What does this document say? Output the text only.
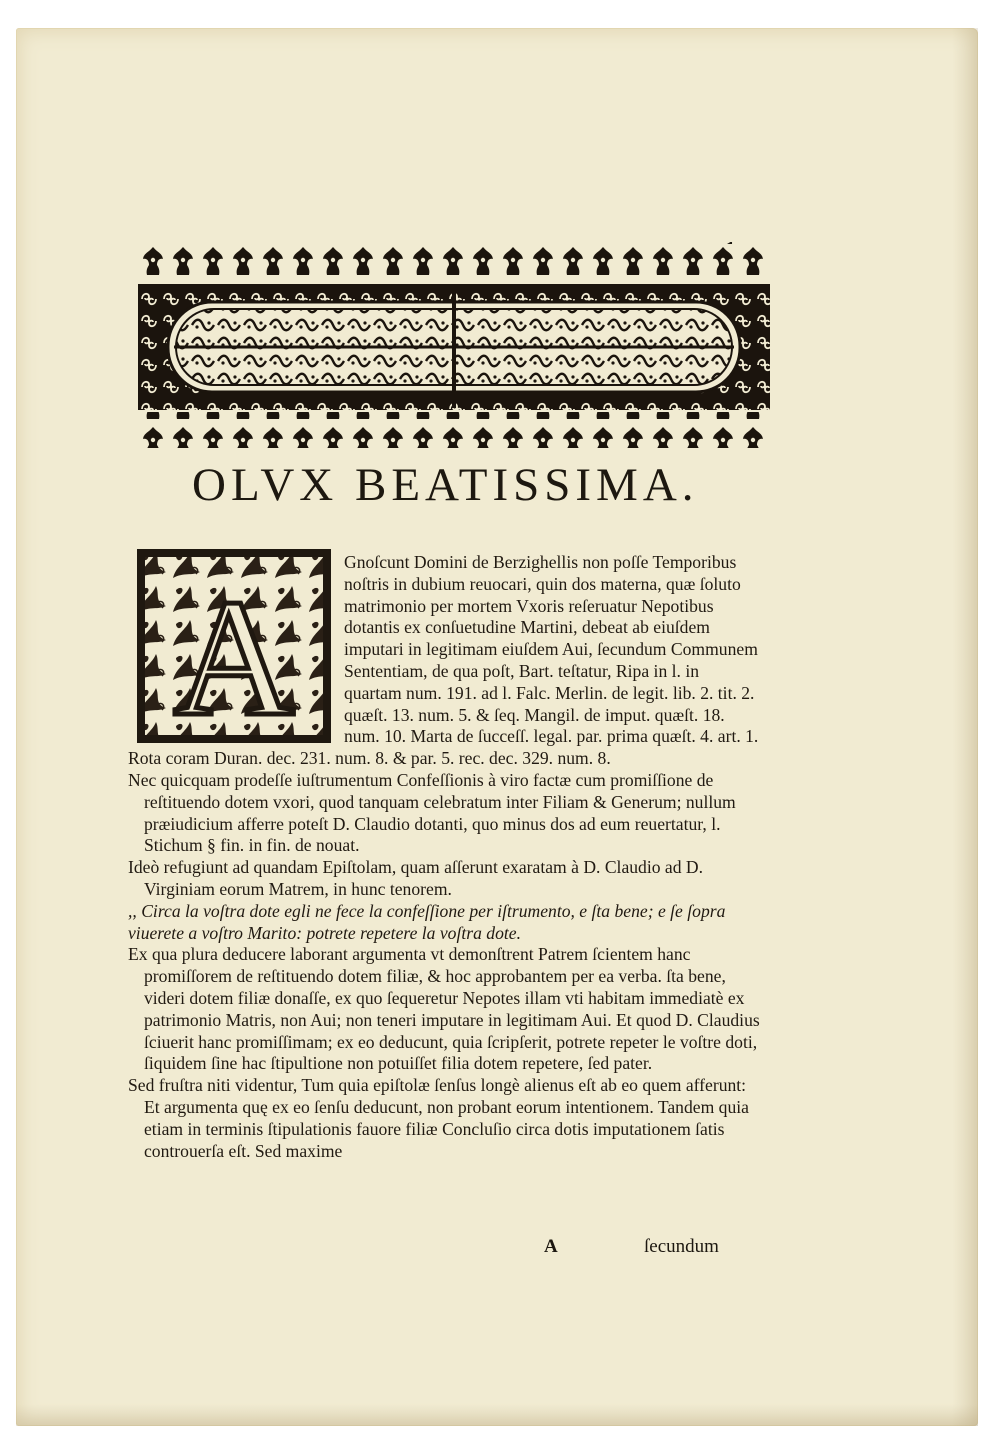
OLVX BEATISSIMA.
A

Gnoſcunt Domini de Berzighellis non poſſe Temporibus noſtris in dubium reuocari, quin dos materna, quæ ſoluto matrimonio per mortem Vxoris reſeruatur Nepotibus dotantis ex conſuetudine Martini, debeat ab eiuſdem imputari in legitimam eiuſdem Aui, ſecundum Communem Sententiam, de qua poſt, Bart. teſtatur, Ripa in l. in quartam num. 191. ad l. Falc. Merlin. de legit. lib. 2. tit. 2. quæſt. 13. num. 5. & ſeq. Mangil. de imput. quæſt. 18. num. 10. Marta de ſucceſſ. legal. par. prima quæſt. 4. art. 1. Rota coram Duran. dec. 231. num. 8. & par. 5. rec. dec. 329. num. 8.

Nec quicquam prodeſſe iuſtrumentum Confeſſionis à viro factæ cum promiſſione de reſtituendo dotem vxori, quod tanquam celebratum inter Filiam & Generum; nullum præiudicium afferre poteſt D. Claudio dotanti, quo minus dos ad eum reuertatur, l. Stichum § fin. in fin. de nouat.

Ideò refugiunt ad quandam Epiſtolam, quam aſſerunt exaratam à D. Claudio ad D. Virginiam eorum Matrem, in hunc tenorem.

,, Circa la voſtra dote egli ne fece la confeſſione per iſtrumento, e ſta bene; e ſe ſopra viuerete a voſtro Marito: potrete repetere la voſtra dote.

Ex qua plura deducere laborant argumenta vt demonſtrent Patrem ſcientem hanc promiſſorem de reſtituendo dotem filiæ, & hoc approbantem per ea verba. ſta bene, videri dotem filiæ donaſſe, ex quo ſequeretur Nepotes illam vti habitam immediatè ex patrimonio Matris, non Aui; non teneri imputare in legitimam Aui. Et quod D. Claudius ſciuerit hanc promiſſimam; ex eo deducunt, quia ſcripſerit, potrete repeter le voſtre doti, ſiquidem ſine hac ſtipultione non potuiſſet filia dotem repetere, ſed pater.

Sed fruſtra niti videntur, Tum quia epiſtolæ ſenſus longè alienus eſt ab eo quem afferunt: Et argumenta quę ex eo ſenſu deducunt, non probant eorum intentionem. Tandem quia etiam in terminis ſtipulationis fauore filiæ Concluſio circa dotis imputationem ſatis controuerſa eſt. Sed maxime

A	ſecundum
